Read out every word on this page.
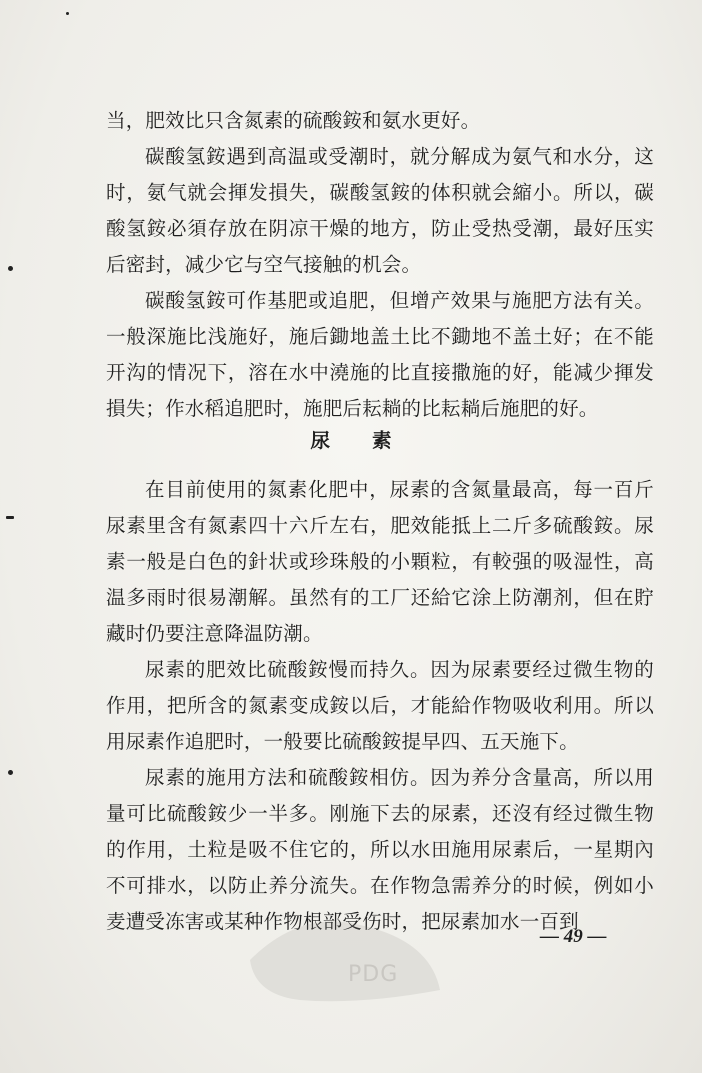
当，肥效比只含氮素的硫酸銨和氨水更好。

碳酸氢銨遇到高温或受潮时，就分解成为氨气和水分，这时，氨气就会揮发損失，碳酸氢銨的体积就会縮小。所以，碳酸氢銨必須存放在阴凉干燥的地方，防止受热受潮，最好压实后密封，减少它与空气接触的机会。

碳酸氢銨可作基肥或追肥，但增产效果与施肥方法有关。一般深施比浅施好，施后鋤地盖土比不鋤地不盖土好；在不能开沟的情况下，溶在水中澆施的比直接撒施的好，能减少揮发損失；作水稻追肥时，施肥后耘耥的比耘耥后施肥的好。

尿素

在目前使用的氮素化肥中，尿素的含氮量最高，每一百斤尿素里含有氮素四十六斤左右，肥效能抵上二斤多硫酸銨。尿素一般是白色的針状或珍珠般的小顆粒，有較强的吸湿性，高温多雨时很易潮解。虽然有的工厂还給它涂上防潮剂，但在貯藏时仍要注意降温防潮。

尿素的肥效比硫酸銨慢而持久。因为尿素要经过微生物的作用，把所含的氮素变成銨以后，才能給作物吸收利用。所以用尿素作追肥时，一般要比硫酸銨提早四、五天施下。

尿素的施用方法和硫酸銨相仿。因为养分含量高，所以用量可比硫酸銨少一半多。刚施下去的尿素，还沒有经过微生物的作用，土粒是吸不住它的，所以水田施用尿素后，一星期內不可排水，以防止养分流失。在作物急需养分的时候，例如小麦遭受冻害或某种作物根部受伤时，把尿素加水一百到

— 49 —
PDG
